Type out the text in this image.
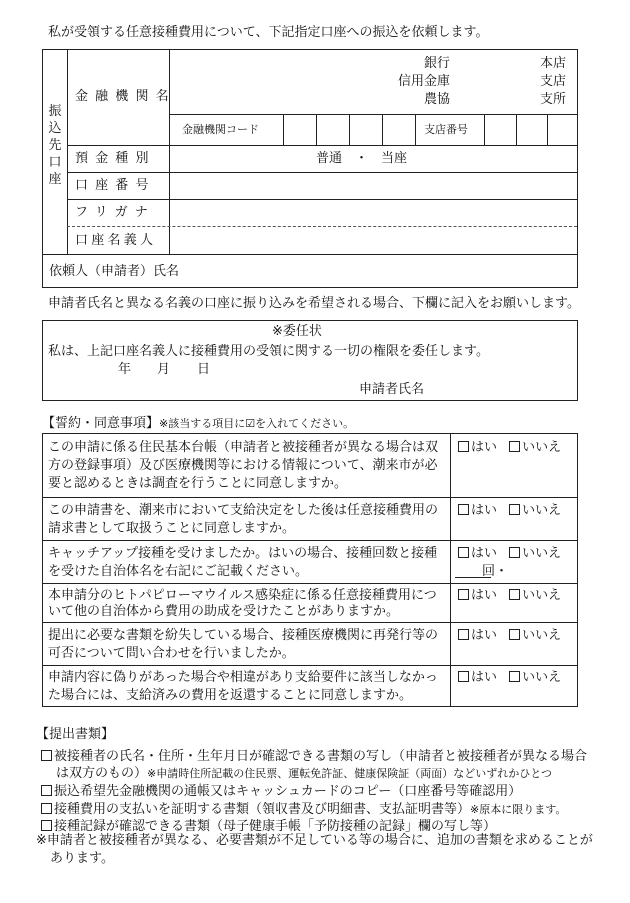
私が受領する任意接種費用について、下記指定口座への振込を依頼します。
振
込
先
口
座
金融機関名
銀行
信用金庫
農協
本店
支店
支所
金融機関コード	支店番号
預金種別	普通　・　当座
口座番号
フリガナ
口座名義人
依頼人（申請者）氏名
申請者氏名と異なる名義の口座に振り込みを希望される場合、下欄に記入をお願いします。
※委任状
私は、上記口座名義人に接種費用の受領に関する一切の権限を委任します。
年 月 日
申請者氏名
【誓約・同意事項】※該当する項目に☑を入れてください。
この申請に係る住民基本台帳（申請者と被接種者が異なる場合は双
方の登録事項）及び医療機関等における情報について、潮来市が必
要と認めるときは調査を行うことに同意しますか。
はい いいえ
この申請書を、潮来市において支給決定をした後は任意接種費用の
請求書として取扱うことに同意しますか。
はい いいえ
キャッチアップ接種を受けましたか。はいの場合、接種回数と接種
を受けた自治体名を右記にご記載ください。
はい いいえ
回・
本申請分のヒトパピローマウイルス感染症に係る任意接種費用につ
いて他の自治体から費用の助成を受けたことがありますか。
はい いいえ
提出に必要な書類を紛失している場合、接種医療機関に再発行等の
可否について問い合わせを行いましたか。
はい いいえ
申請内容に偽りがあった場合や相違があり支給要件に該当しなかっ
た場合には、支給済みの費用を返還することに同意しますか。
はい いいえ
【提出書類】
被接種者の氏名・住所・生年月日が確認できる書類の写し（申請者と被接種者が異なる場合
は双方のもの）※申請時住所記載の住民票、運転免許証、健康保険証（両面）などいずれかひとつ
振込希望先金融機関の通帳又はキャッシュカードのコピー（口座番号等確認用）
接種費用の支払いを証明する書類（領収書及び明細書、支払証明書等）※原本に限ります。
接種記録が確認できる書類（母子健康手帳「予防接種の記録」欄の写し等）
※申請者と被接種者が異なる、必要書類が不足している等の場合に、追加の書類を求めることが
あります。
